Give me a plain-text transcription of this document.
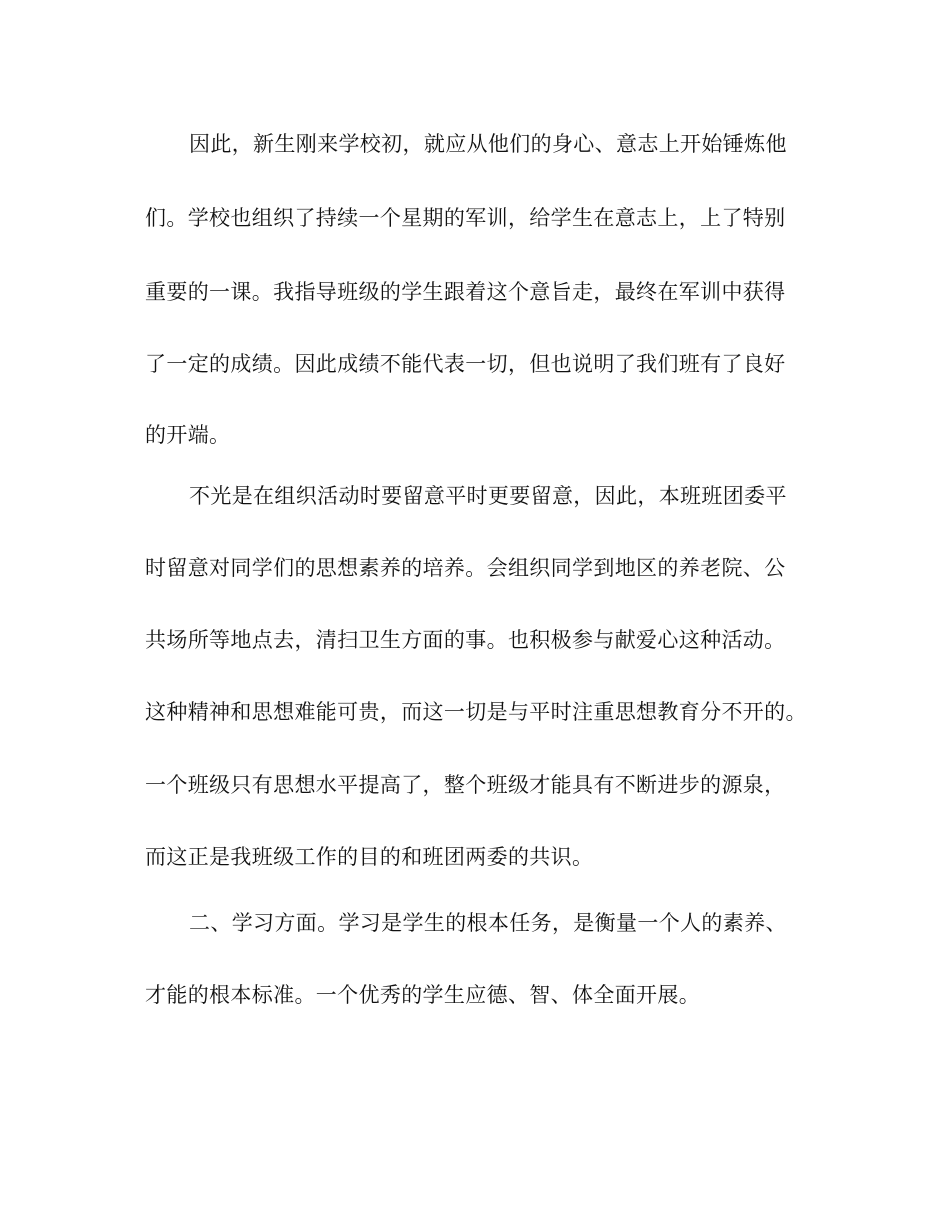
因此，新生刚来学校初，就应从他们的身心、意志上开始锤炼他
们。学校也组织了持续一个星期的军训，给学生在意志上，上了特别
重要的一课。我指导班级的学生跟着这个意旨走，最终在军训中获得
了一定的成绩。因此成绩不能代表一切，但也说明了我们班有了良好
的开端。
不光是在组织活动时要留意平时更要留意，因此，本班班团委平
时留意对同学们的思想素养的培养。会组织同学到地区的养老院、公
共场所等地点去，清扫卫生方面的事。也积极参与献爱心这种活动。
这种精神和思想难能可贵，而这一切是与平时注重思想教育分不开的。
一个班级只有思想水平提高了，整个班级才能具有不断进步的源泉，
而这正是我班级工作的目的和班团两委的共识。
二、学习方面。学习是学生的根本任务，是衡量一个人的素养、
才能的根本标准。一个优秀的学生应德、智、体全面开展。
